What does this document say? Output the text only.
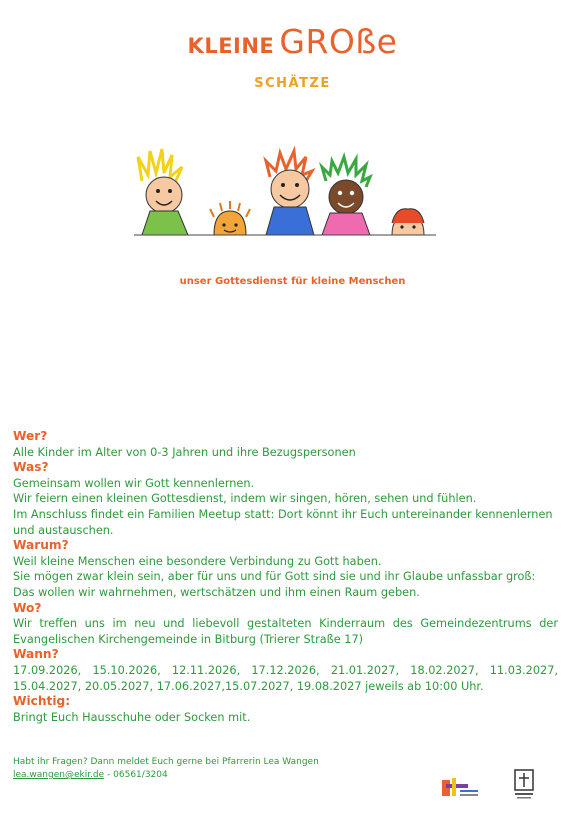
KLEINE GROße
SCHÄTZE
unser Gottesdienst für kleine Menschen
Wer?
Alle Kinder im Alter von 0-3 Jahren und ihre Bezugspersonen
Was?
Gemeinsam wollen wir Gott kennenlernen.
Wir feiern einen kleinen Gottesdienst, indem wir singen, hören, sehen und fühlen.
Im Anschluss findet ein Familien Meetup statt: Dort könnt ihr Euch untereinander kennenlernen
und austauschen.
Warum?
Weil kleine Menschen eine besondere Verbindung zu Gott haben.
Sie mögen zwar klein sein, aber für uns und für Gott sind sie und ihr Glaube unfassbar groß:
Das wollen wir wahrnehmen, wertschätzen und ihm einen Raum geben.
Wo?
Wir treffen uns im neu und liebevoll gestalteten Kinderraum des Gemeindezentrums der
Evangelischen Kirchengemeinde in Bitburg (Trierer Straße 17)
Wann?
17.09.2026, 15.10.2026, 12.11.2026, 17.12.2026, 21.01.2027, 18.02.2027, 11.03.2027,
15.04.2027, 20.05.2027, 17.06.2027,15.07.2027, 19.08.2027 jeweils ab 10:00 Uhr.
Wichtig:
Bringt Euch Hausschuhe oder Socken mit.
Habt ihr Fragen? Dann meldet Euch gerne bei Pfarrerin Lea Wangen
lea.wangen@ekir.de - 06561/3204
